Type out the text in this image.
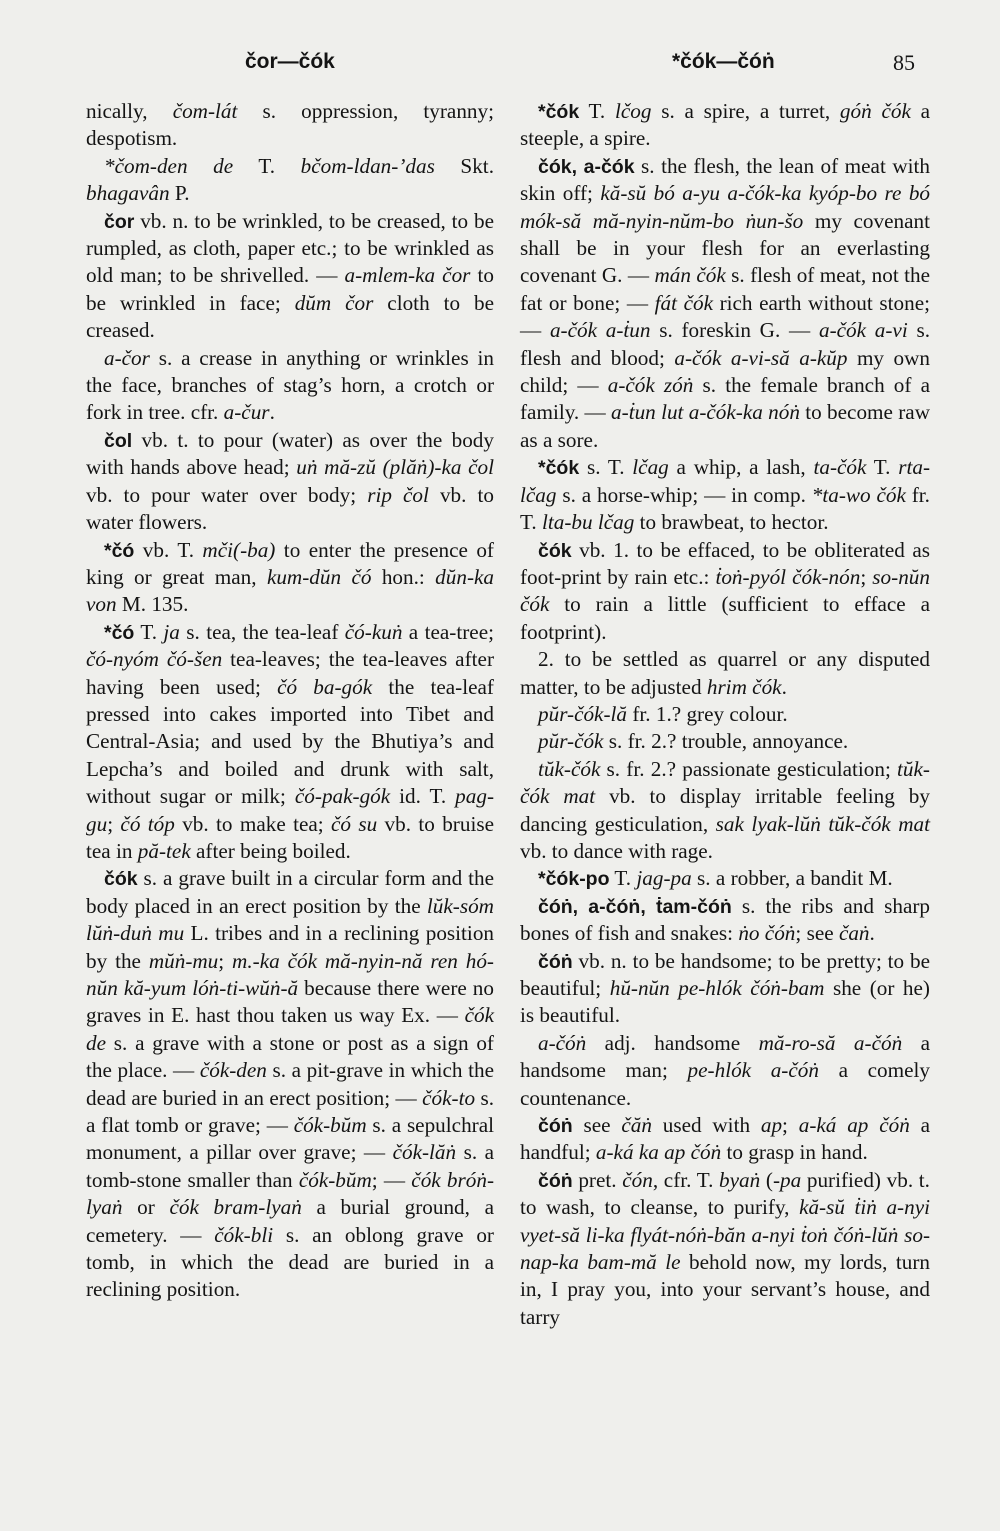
čor—čók	*čók—čóṅ	85

nically, čom-lát s. oppression, tyranny; despotism.

*čom-den de T. bčom-ldan-’das Skt. bhagavân P.

čor vb. n. to be wrinkled, to be creased, to be rumpled, as cloth, paper etc.; to be wrinkled as old man; to be shrivelled. — a-mlem-ka čor to be wrinkled in face; dŭm čor cloth to be creased.

a-čor s. a crease in anything or wrinkles in the face, branches of stag’s horn, a crotch or fork in tree. cfr. a-čur.

čol vb. t. to pour (water) as over the body with hands above head; uṅ mă-zŭ (plăṅ)-ka čol vb. to pour water over body; rip čol vb. to water flowers.

*čó vb. T. mči(-ba) to enter the presence of king or great man, kum-dŭn čó hon.: dŭn-ka von M. 135.

*čó T. ja s. tea, the tea-leaf čó-kuṅ a tea-tree; čó-nyóm čó-šen tea-leaves; the tea-leaves after having been used; čó ba-gók the tea-leaf pressed into cakes imported into Tibet and Central-Asia; and used by the Bhutiya’s and Lepcha’s and boiled and drunk with salt, without sugar or milk; čó-pak-gók id. T. pag-gu; čó tóp vb. to make tea; čó su vb. to bruise tea in pă-tek after being boiled.

čók s. a grave built in a circular form and the body placed in an erect position by the lŭk-sóm lŭṅ-duṅ mu L. tribes and in a reclining position by the mŭṅ-mu; m.-ka čók mă-nyin-nă ren hó-nŭn kă-yum lóṅ-ti-wŭṅ-ă because there were no graves in E. hast thou taken us way Ex. — čók de s. a grave with a stone or post as a sign of the place. — čók-den s. a pit-grave in which the dead are buried in an erect position; — čók-to s. a flat tomb or grave; — čók-bŭm s. a sepulchral monument, a pillar over grave; — čók-lăṅ s. a tomb-stone smaller than čók-bŭm; — čók bróṅ-lyaṅ or čók bram-lyaṅ a burial ground, a cemetery. — čók-bli s. an oblong grave or tomb, in which the dead are buried in a reclining position.

*čók T. lčog s. a spire, a turret, góṅ čók a steeple, a spire.

čók, a-čók s. the flesh, the lean of meat with skin off; kă-sŭ bó a-yu a-čók-ka kyóp-bo re bó mók-să mă-nyin-nŭm-bo ṅun-šo my covenant shall be in your flesh for an everlasting covenant G. — mán čók s. flesh of meat, not the fat or bone; — fát čók rich earth without stone; — a-čók a-ṫun s. foreskin G. — a-čók a-vi s. flesh and blood; a-čók a-vi-să a-kŭp my own child; — a-čók zóṅ s. the female branch of a family. — a-ṫun lut a-čók-ka nóṅ to become raw as a sore.

*čók s. T. lčag a whip, a lash, ta-čók T. rta-lčag s. a horse-whip; — in comp. *ta-wo čók fr. T. lta-bu lčag to brawbeat, to hector.

čók vb. 1. to be effaced, to be obliterated as foot-print by rain etc.: ṫoṅ-pyól čók-nón; so-nŭn čók to rain a little (sufficient to efface a footprint).

2. to be settled as quarrel or any disputed matter, to be adjusted hrim čók.

pŭr-čók-lă fr. 1.? grey colour.

pŭr-čók s. fr. 2.? trouble, annoyance.

tŭk-čók s. fr. 2.? passionate gesticulation; tŭk-čók mat vb. to display irritable feeling by dancing gesticulation, sak lyak-lŭṅ tŭk-čók mat vb. to dance with rage.

*čók-po T. jag-pa s. a robber, a bandit M.

čóṅ, a-čóṅ, ṫam-čóṅ s. the ribs and sharp bones of fish and snakes: ṅo čóṅ; see čaṅ.

čóṅ vb. n. to be handsome; to be pretty; to be beautiful; hŭ-nŭn pe-hlók čóṅ-bam she (or he) is beautiful.

a-čóṅ adj. handsome mă-ro-să a-čóṅ a handsome man; pe-hlók a-čóṅ a comely countenance.

čóṅ see čăṅ used with ap; a-ká ap čóṅ a handful; a-ká ka ap čóṅ to grasp in hand.

čóṅ pret. čón, cfr. T. byaṅ (-pa purified) vb. t. to wash, to cleanse, to purify, kă-sŭ ṫiṅ a-nyi vyet-să li-ka flyát-nóṅ-băn a-nyi ṫoṅ čóṅ-lŭṅ so-nap-ka bam-mă le behold now, my lords, turn in, I pray you, into your servant’s house, and tarry
